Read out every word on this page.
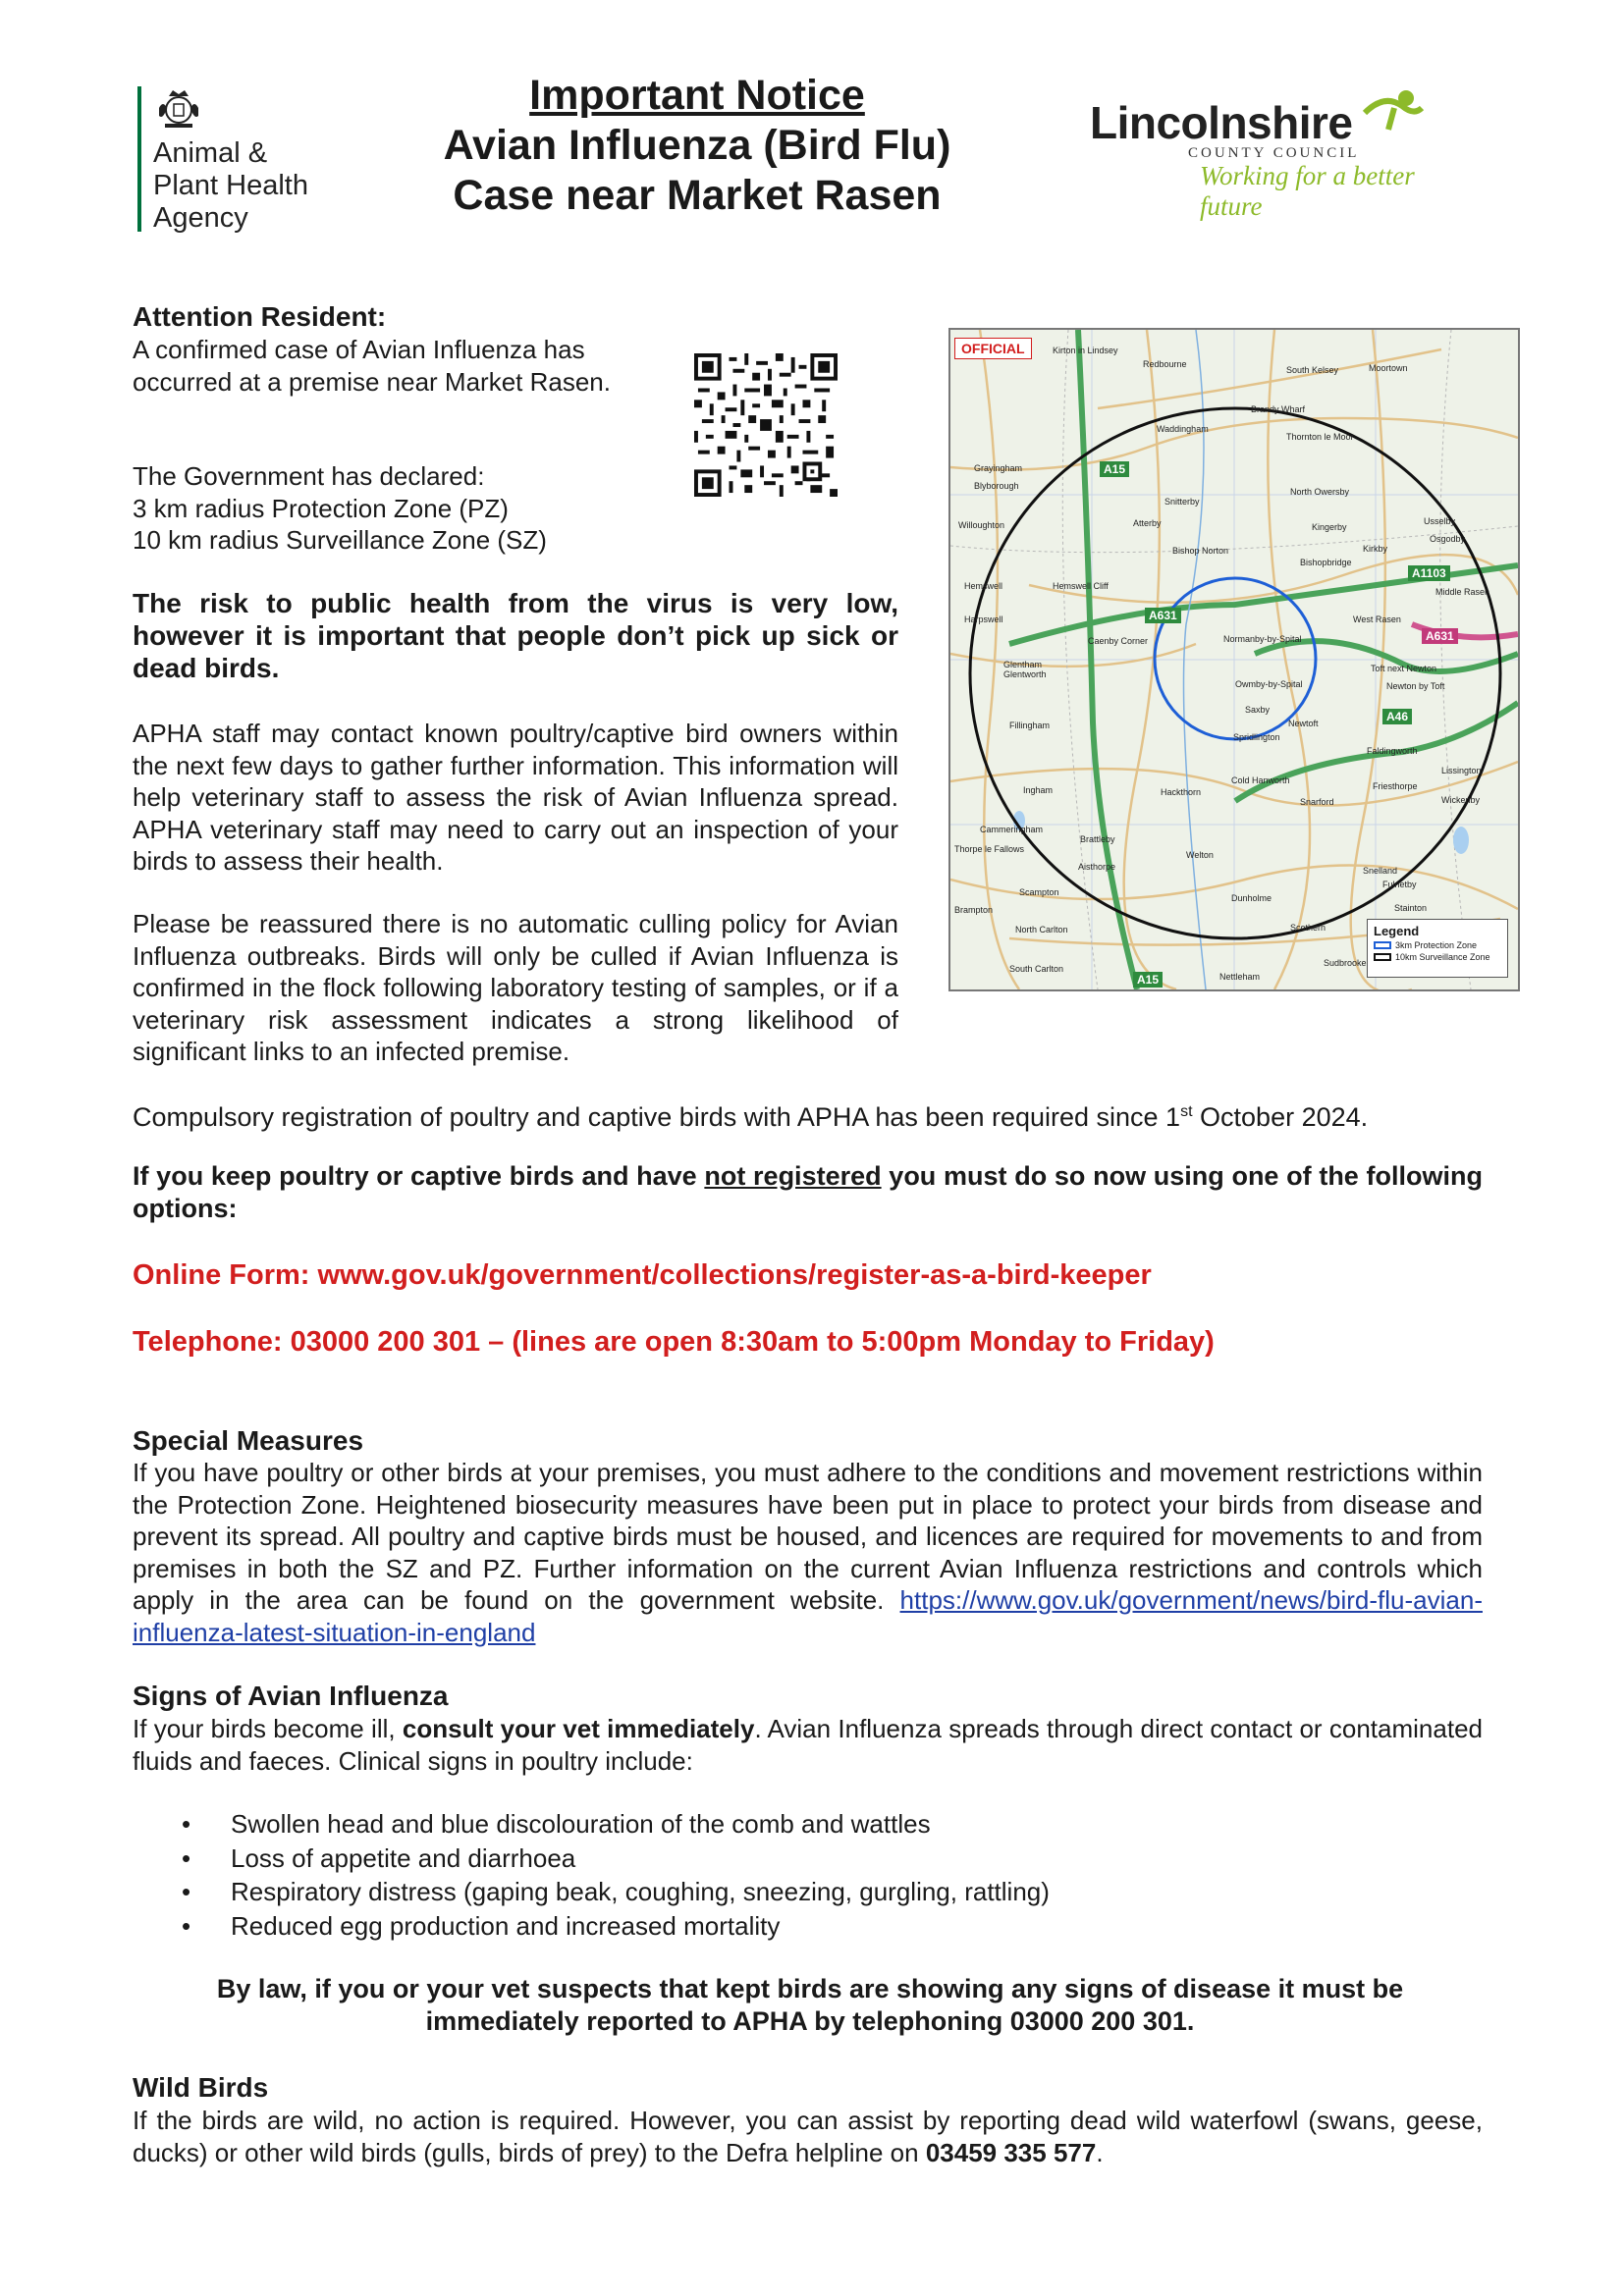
Animal &
Plant Health
Agency
Important Notice
Avian Influenza (Bird Flu)
Case near Market Rasen
Lincolnshire
COUNTY COUNCIL
Working for a better future
Attention Resident:
A confirmed case of Avian Influenza has occurred at a premise near Market Rasen.
The Government has declared:
3 km radius Protection Zone (PZ)
10 km radius Surveillance Zone (SZ)
The risk to public health from the virus is very low, however it is important that people don’t pick up sick or dead birds.
APHA staff may contact known poultry/captive bird owners within the next few days to gather further information. This information will help veterinary staff to assess the risk of Avian Influenza spread. APHA veterinary staff may need to carry out an inspection of your birds to assess their health.
Please be reassured there is no automatic culling policy for Avian Influenza outbreaks. Birds will only be culled if Avian Influenza is confirmed in the flock following laboratory testing of samples, or if a veterinary risk assessment indicates a strong likelihood of significant links to an infected premise.
OFFICIAL
A15
A631
A1103
A631
A46
A15
Kirton in Lindsey
Redbourne
South Kelsey	Moortown
Brandy Wharf
Thornton le Moor
Waddingham
Grayingham
Blyborough
Snitterby
North Owersby
Willoughton	Atterby	Kingerby
Usselby
Osgodby
Bishop Norton
Bishopbridge
Kirkby
Hemswell	Hemswell Cliff
Glentham
West Rasen
Middle Rasen
Harpswell
Caenby Corner	Normanby-by-Spital
Toft next Newton
Newton by Toft
Glentworth
Owmby-by-Spital
Saxby
Fillingham	Newtoft
Faldingworth
Spridlington
Cold Hanworth
Friesthorpe
Ingham	Hackthorn
Snarford
Cammeringham
Brattleby
Welton
Thorpe le Fallows
Aisthorpe
Scampton
Dunholme
Brampton
Scothern
Sudbrooke
North Carlton
South Carlton
Nettleham
Stainton
Fulnetby
Wickenby
Lissington
Snelland
Legend
3km Protection Zone
10km Surveillance Zone
Compulsory registration of poultry and captive birds with APHA has been required since 1st October 2024.
If you keep poultry or captive birds and have not registered you must do so now using one of the following options:
Online Form: www.gov.uk/government/collections/register-as-a-bird-keeper
Telephone: 03000 200 301 – (lines are open 8:30am to 5:00pm Monday to Friday)
Special Measures
If you have poultry or other birds at your premises, you must adhere to the conditions and movement restrictions within the Protection Zone. Heightened biosecurity measures have been put in place to protect your birds from disease and prevent its spread. All poultry and captive birds must be housed, and licences are required for movements to and from premises in both the SZ and PZ. Further information on the current Avian Influenza restrictions and controls which apply in the area can be found on the government website. https://www.gov.uk/government/news/bird-flu-avian-influenza-latest-situation-in-england
Signs of Avian Influenza
If your birds become ill, consult your vet immediately. Avian Influenza spreads through direct contact or contaminated fluids and faeces. Clinical signs in poultry include:
• Swollen head and blue discolouration of the comb and wattles
• Loss of appetite and diarrhoea
• Respiratory distress (gaping beak, coughing, sneezing, gurgling, rattling)
• Reduced egg production and increased mortality
By law, if you or your vet suspects that kept birds are showing any signs of disease it must be immediately reported to APHA by telephoning 03000 200 301.
Wild Birds
If the birds are wild, no action is required. However, you can assist by reporting dead wild waterfowl (swans, geese, ducks) or other wild birds (gulls, birds of prey) to the Defra helpline on 03459 335 577.
